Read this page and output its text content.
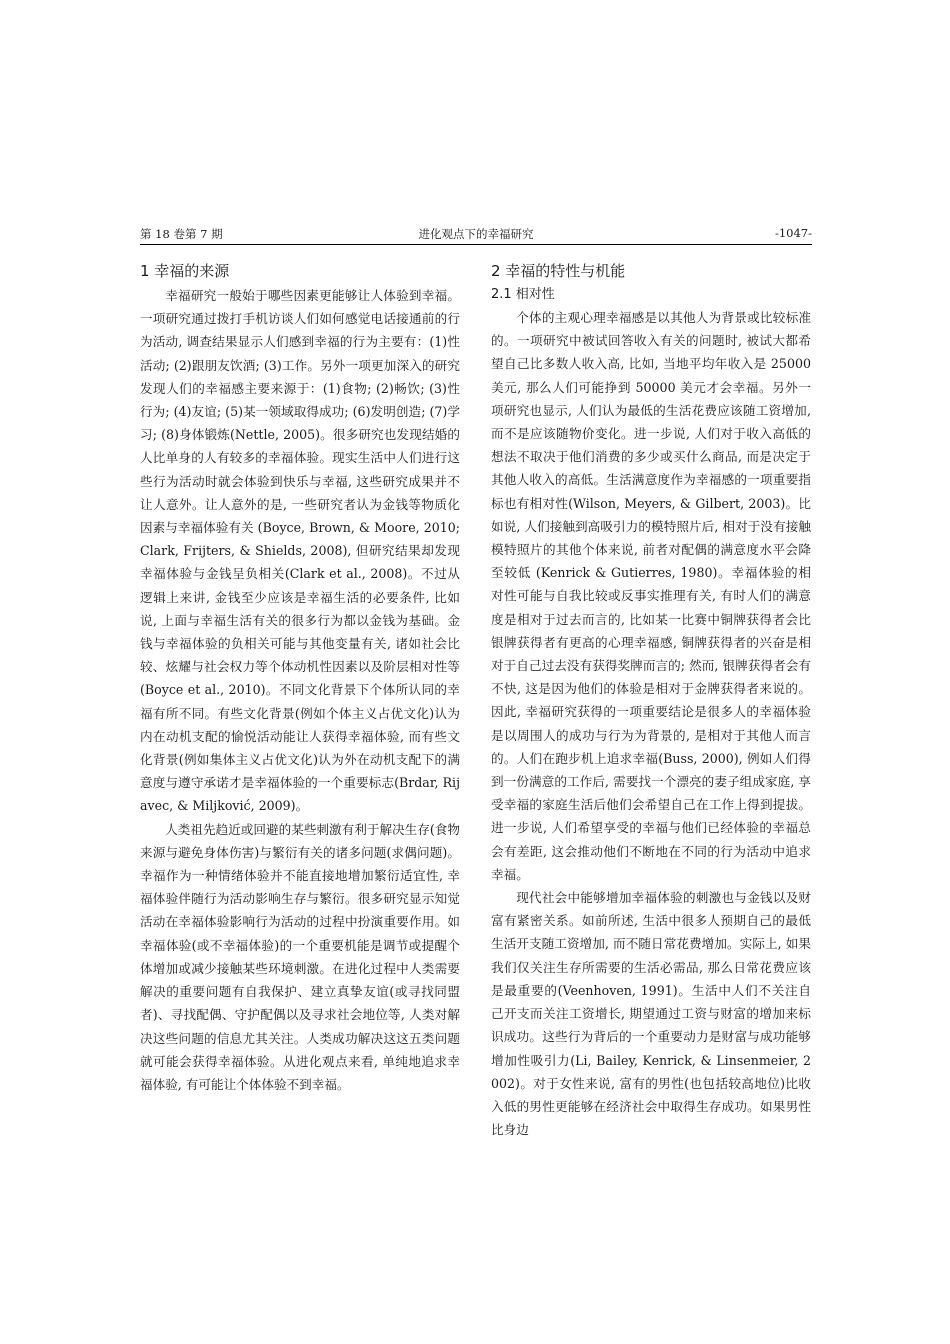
第 18 卷第 7 期	进化观点下的幸福研究	-1047-
1 幸福的来源

幸福研究一般始于哪些因素更能够让人体验到幸福。一项研究通过拨打手机访谈人们如何感觉电话接通前的行为活动, 调查结果显示人们感到幸福的行为主要有：(1)性活动; (2)跟朋友饮酒; (3)工作。另外一项更加深入的研究发现人们的幸福感主要来源于：(1)食物; (2)畅饮; (3)性行为; (4)友谊; (5)某一领域取得成功; (6)发明创造; (7)学习; (8)身体锻炼(Nettle, 2005)。很多研究也发现结婚的人比单身的人有较多的幸福体验。现实生活中人们进行这些行为活动时就会体验到快乐与幸福, 这些研究成果并不让人意外。让人意外的是, 一些研究者认为金钱等物质化因素与幸福体验有关 (Boyce, Brown, & Moore, 2010; Clark, Frijters, & Shields, 2008), 但研究结果却发现幸福体验与金钱呈负相关(Clark et al., 2008)。不过从逻辑上来讲, 金钱至少应该是幸福生活的必要条件, 比如说, 上面与幸福生活有关的很多行为都以金钱为基础。金钱与幸福体验的负相关可能与其他变量有关, 诸如社会比较、炫耀与社会权力等个体动机性因素以及阶层相对性等(Boyce et al., 2010)。不同文化背景下个体所认同的幸福有所不同。有些文化背景(例如个体主义占优文化)认为内在动机支配的愉悦活动能让人获得幸福体验, 而有些文化背景(例如集体主义占优文化)认为外在动机支配下的满意度与遵守承诺才是幸福体验的一个重要标志(Brdar, Rijavec, & Miljković, 2009)。

人类祖先趋近或回避的某些刺激有利于解决生存(食物来源与避免身体伤害)与繁衍有关的诸多问题(求偶问题)。幸福作为一种情绪体验并不能直接地增加繁衍适宜性, 幸福体验伴随行为活动影响生存与繁衍。很多研究显示知觉活动在幸福体验影响行为活动的过程中扮演重要作用。如幸福体验(或不幸福体验)的一个重要机能是调节或提醒个体增加或减少接触某些环境刺激。在进化过程中人类需要解决的重要问题有自我保护、建立真挚友谊(或寻找同盟者)、寻找配偶、守护配偶以及寻求社会地位等, 人类对解决这些问题的信息尤其关注。人类成功解决这这五类问题就可能会获得幸福体验。从进化观点来看, 单纯地追求幸福体验, 有可能让个体体验不到幸福。

2 幸福的特性与机能
2.1 相对性

个体的主观心理幸福感是以其他人为背景或比较标准的。一项研究中被试回答收入有关的问题时, 被试大都希望自己比多数人收入高, 比如, 当地平均年收入是 25000 美元, 那么人们可能挣到 50000 美元才会幸福。另外一项研究也显示, 人们认为最低的生活花费应该随工资增加, 而不是应该随物价变化。进一步说, 人们对于收入高低的想法不取决于他们消费的多少或买什么商品, 而是决定于其他人收入的高低。生活满意度作为幸福感的一项重要指标也有相对性(Wilson, Meyers, & Gilbert, 2003)。比如说, 人们接触到高吸引力的模特照片后, 相对于没有接触模特照片的其他个体来说, 前者对配偶的满意度水平会降至较低 (Kenrick & Gutierres, 1980)。幸福体验的相对性可能与自我比较或反事实推理有关, 有时人们的满意度是相对于过去而言的, 比如某一比赛中铜牌获得者会比银牌获得者有更高的心理幸福感, 铜牌获得者的兴奋是相对于自己过去没有获得奖牌而言的; 然而, 银牌获得者会有不快, 这是因为他们的体验是相对于金牌获得者来说的。因此, 幸福研究获得的一项重要结论是很多人的幸福体验是以周围人的成功与行为为背景的, 是相对于其他人而言的。人们在跑步机上追求幸福(Buss, 2000), 例如人们得到一份满意的工作后, 需要找一个漂亮的妻子组成家庭, 享受幸福的家庭生活后他们会希望自己在工作上得到提拔。进一步说, 人们希望享受的幸福与他们已经体验的幸福总会有差距, 这会推动他们不断地在不同的行为活动中追求幸福。

现代社会中能够增加幸福体验的刺激也与金钱以及财富有紧密关系。如前所述, 生活中很多人预期自己的最低生活开支随工资增加, 而不随日常花费增加。实际上, 如果我们仅关注生存所需要的生活必需品, 那么日常花费应该是最重要的(Veenhoven, 1991)。生活中人们不关注自己开支而关注工资增长, 期望通过工资与财富的增加来标识成功。这些行为背后的一个重要动力是财富与成功能够增加性吸引力(Li, Bailey, Kenrick, & Linsenmeier, 2002)。对于女性来说, 富有的男性(也包括较高地位)比收入低的男性更能够在经济社会中取得生存成功。如果男性比身边
